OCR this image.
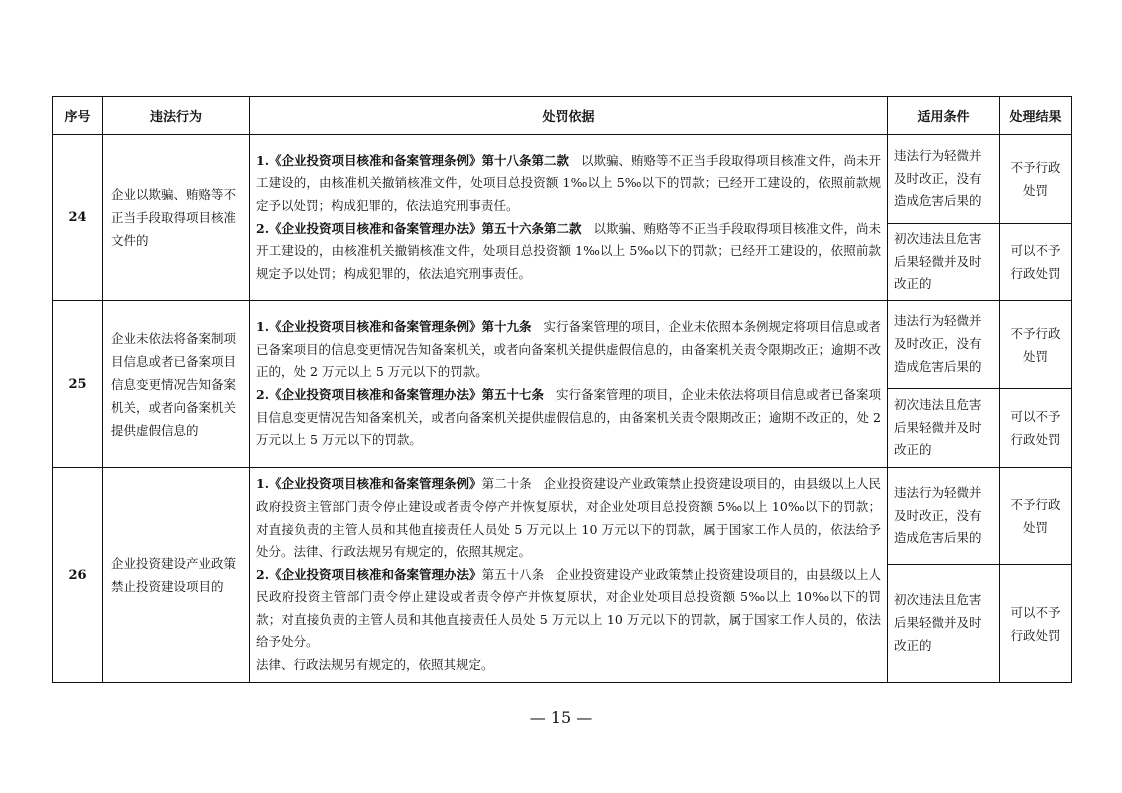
序号	违法行为	处罚依据	适用条件	处理结果
24	企业以欺骗、贿赂等不正当手段取得项目核准文件的	1.《企业投资项目核准和备案管理条例》第十八条第二款 以欺骗、贿赂等不正当手段取得项目核准文件，尚未开工建设的，由核准机关撤销核准文件，处项目总投资额 1‰以上 5‰以下的罚款；已经开工建设的，依照前款规定予以处罚；构成犯罪的，依法追究刑事责任。

2.《企业投资项目核准和备案管理办法》第五十六条第二款 以欺骗、贿赂等不正当手段取得项目核准文件，尚未开工建设的，由核准机关撤销核准文件，处项目总投资额 1‰以上 5‰以下的罚款；已经开工建设的，依照前款规定予以处罚；构成犯罪的，依法追究刑事责任。	违法行为轻微并及时改正，没有造成危害后果的	不予行政处罚
			初次违法且危害后果轻微并及时改正的	可以不予行政处罚
25	企业未依法将备案制项目信息或者已备案项目信息变更情况告知备案机关，或者向备案机关提供虚假信息的	1.《企业投资项目核准和备案管理条例》第十九条 实行备案管理的项目，企业未依照本条例规定将项目信息或者已备案项目的信息变更情况告知备案机关，或者向备案机关提供虚假信息的，由备案机关责令限期改正；逾期不改正的，处 2 万元以上 5 万元以下的罚款。

2.《企业投资项目核准和备案管理办法》第五十七条 实行备案管理的项目，企业未依法将项目信息或者已备案项目信息变更情况告知备案机关，或者向备案机关提供虚假信息的，由备案机关责令限期改正；逾期不改正的，处 2 万元以上 5 万元以下的罚款。	违法行为轻微并及时改正，没有造成危害后果的	不予行政处罚
			初次违法且危害后果轻微并及时改正的	可以不予行政处罚
26	企业投资建设产业政策禁止投资建设项目的	1.《企业投资项目核准和备案管理条例》第二十条 企业投资建设产业政策禁止投资建设项目的，由县级以上人民政府投资主管部门责令停止建设或者责令停产并恢复原状，对企业处项目总投资额 5‰以上 10‰以下的罚款；对直接负责的主管人员和其他直接责任人员处 5 万元以上 10 万元以下的罚款，属于国家工作人员的，依法给予处分。法律、行政法规另有规定的，依照其规定。

2.《企业投资项目核准和备案管理办法》第五十八条 企业投资建设产业政策禁止投资建设项目的，由县级以上人民政府投资主管部门责令停止建设或者责令停产并恢复原状，对企业处项目总投资额 5‰以上 10‰以下的罚款；对直接负责的主管人员和其他直接责任人员处 5 万元以上 10 万元以下的罚款，属于国家工作人员的，依法给予处分。

法律、行政法规另有规定的，依照其规定。	违法行为轻微并及时改正，没有造成危害后果的	不予行政处罚
			初次违法且危害后果轻微并及时改正的	可以不予行政处罚
— 15 —
